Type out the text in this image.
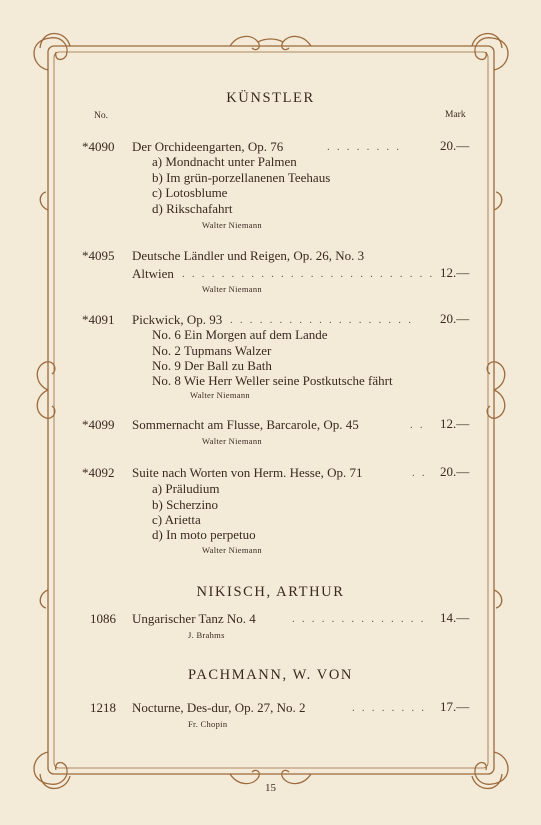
KÜNSTLER
No.	Mark
*4090 Der Orchideengarten, Op. 76	. . . . . . . .	20.—
a) Mondnacht unter Palmen
b) Im grün-porzellanenen Teehaus
c) Lotosblume
d) Rikschafahrt
Walter Niemann
*4095 Deutsche Ländler und Reigen, Op. 26, No. 3
Altwien . . . . . . . . . . . . . . . . . . . . . . . . . . 12.—
Walter Niemann
*4091 Pickwick, Op. 93 . . . . . . . . . . . . . . . . . . . 20.—
No. 6 Ein Morgen auf dem Lande
No. 2 Tupmans Walzer
No. 9 Der Ball zu Bath
No. 8 Wie Herr Weller seine Postkutsche fährt
Walter Niemann
*4099 Sommernacht am Flusse, Barcarole, Op. 45	. . 12.—
Walter Niemann
*4092 Suite nach Worten von Herm. Hesse, Op. 71	. . 20.—
a) Präludium
b) Scherzino
c) Arietta
d) In moto perpetuo
Walter Niemann
NIKISCH, ARTHUR
1086 Ungarischer Tanz No. 4	. . . . . . . . . . . . . . 14.—
J. Brahms
PACHMANN, W. VON
1218 Nocturne, Des-dur, Op. 27, No. 2	. . . . . . . . 17.—
Fr. Chopin
15
